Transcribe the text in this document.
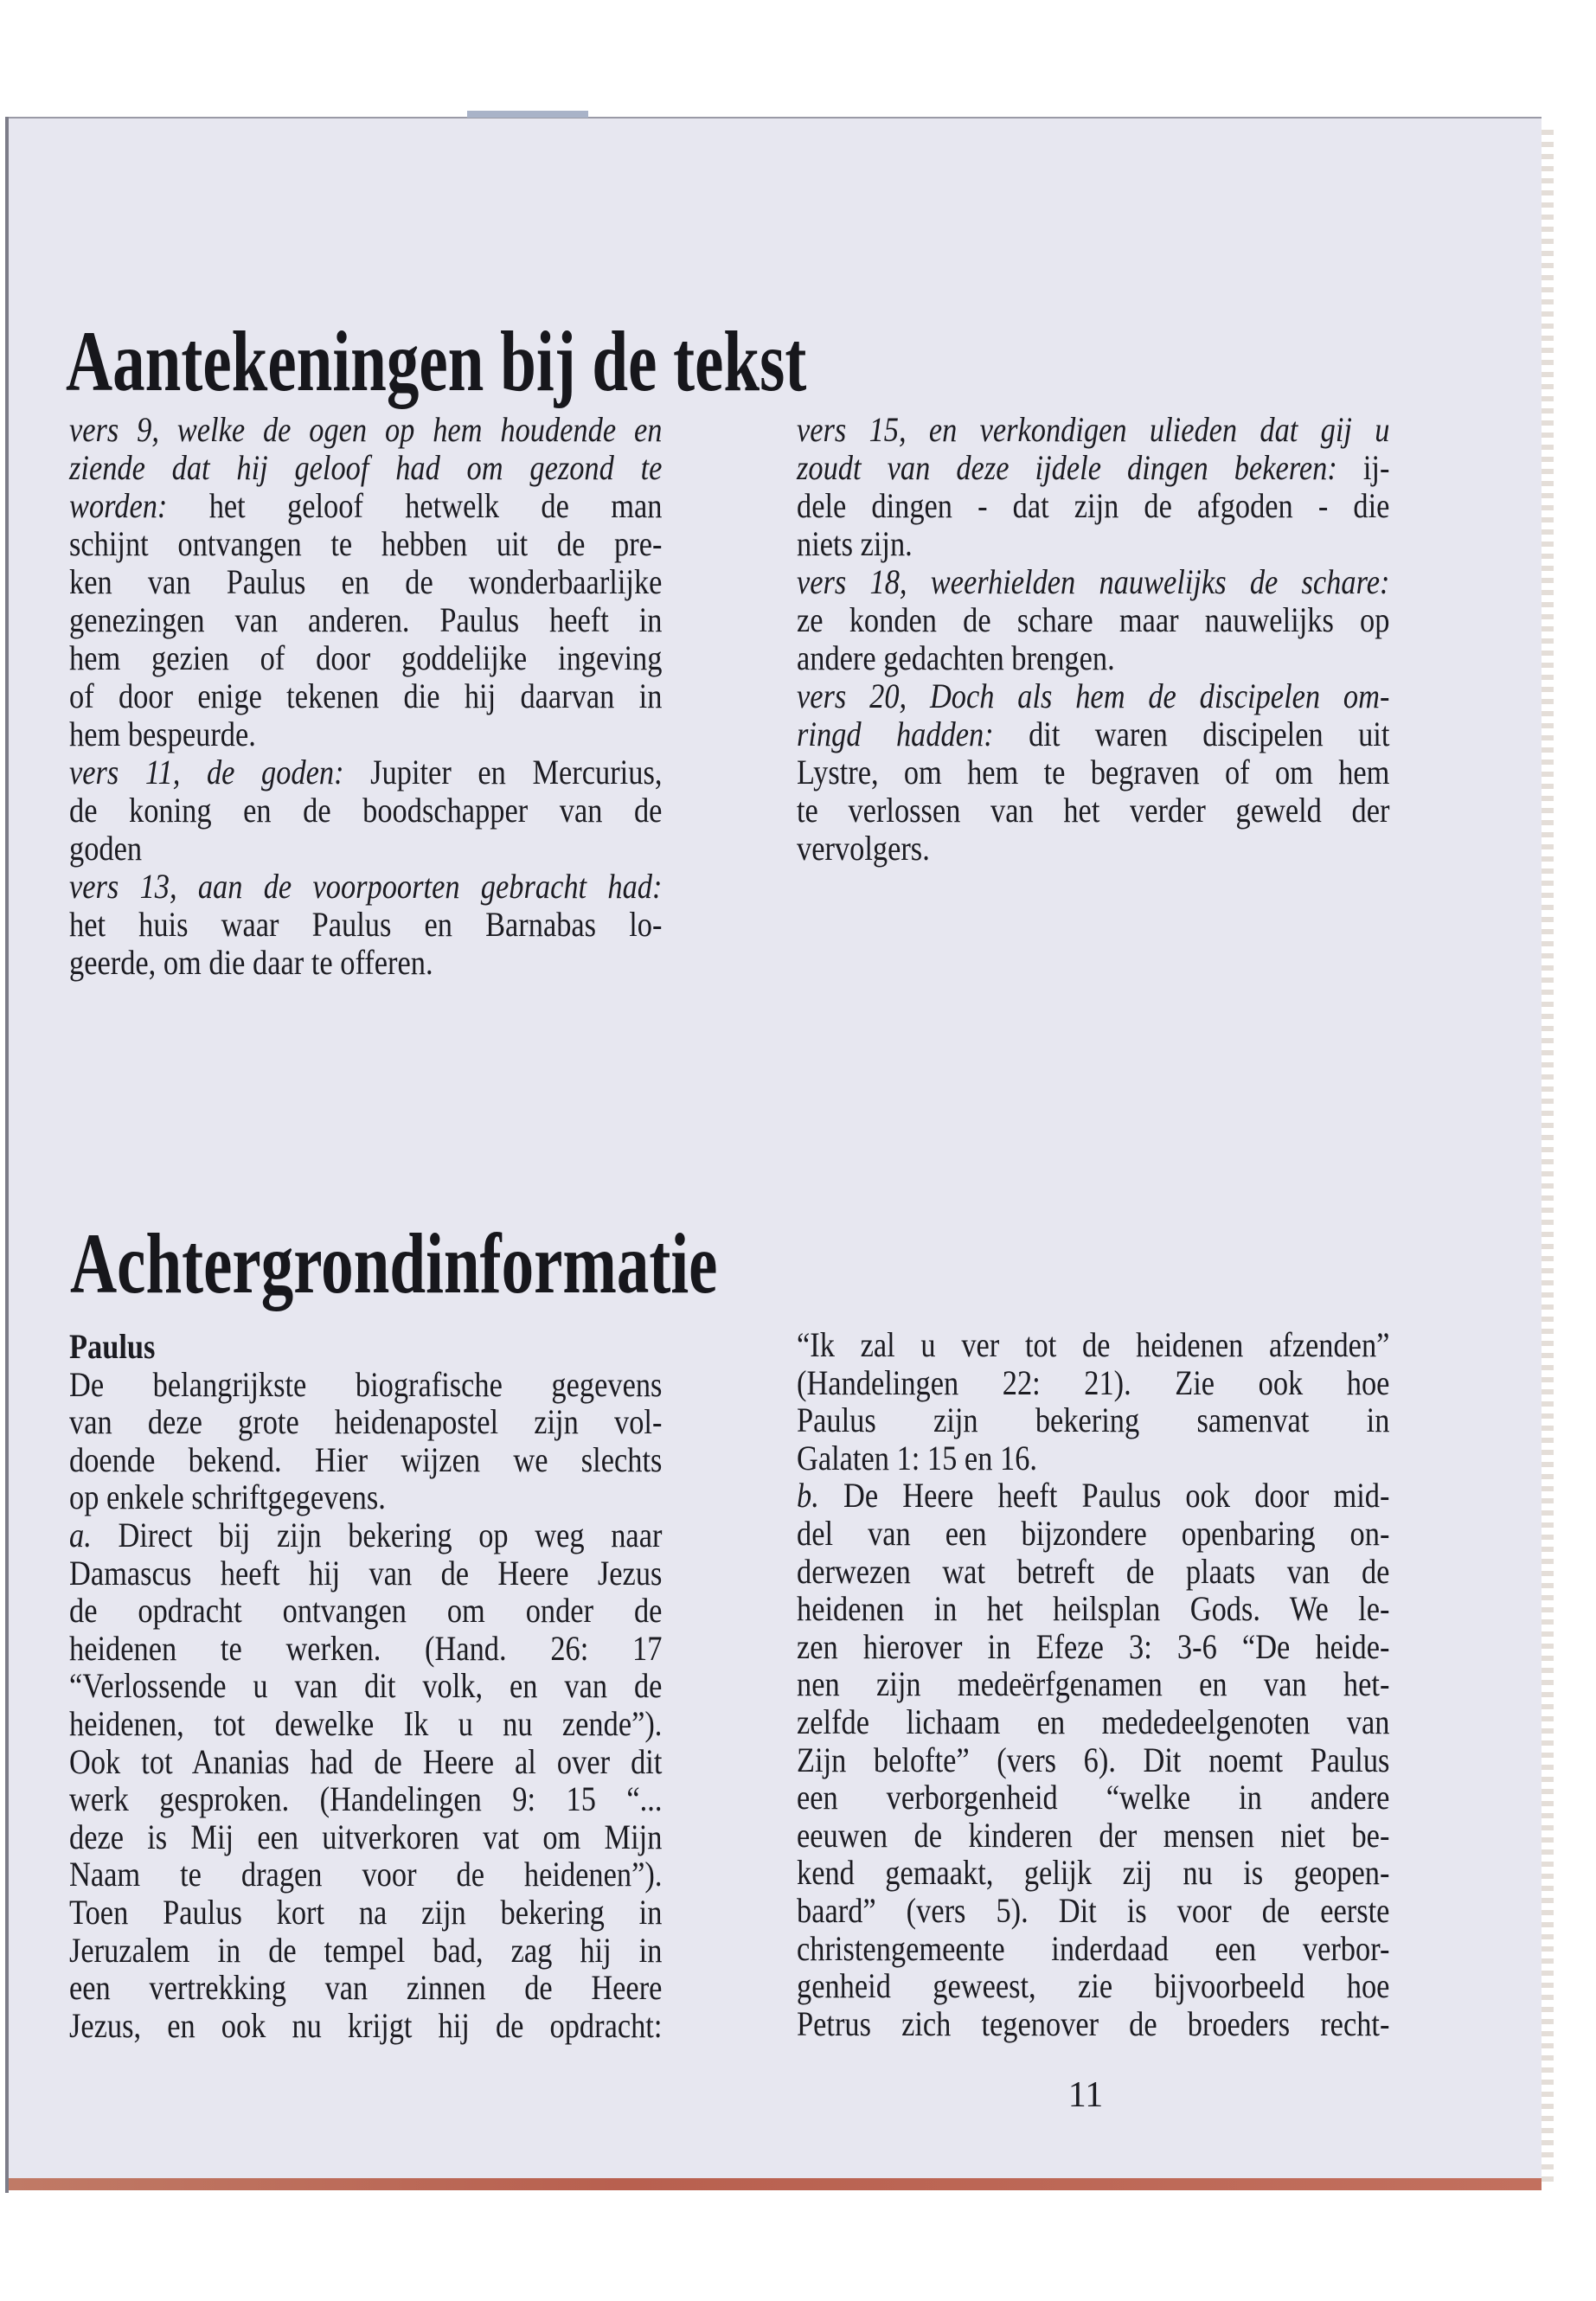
Aantekeningen bij de tekst
vers 9, welke de ogen op hem houdende en
ziende dat hij geloof had om gezond te
worden: het geloof hetwelk de man
schijnt ontvangen te hebben uit de pre-
ken van Paulus en de wonderbaarlijke
genezingen van anderen. Paulus heeft in
hem gezien of door goddelijke ingeving
of door enige tekenen die hij daarvan in
hem bespeurde.
vers 11, de goden: Jupiter en Mercurius,
de koning en de boodschapper van de
goden
vers 13, aan de voorpoorten gebracht had:
het huis waar Paulus en Barnabas lo-
geerde, om die daar te offeren.
vers 15, en verkondigen ulieden dat gij u
zoudt van deze ijdele dingen bekeren: ij-
dele dingen - dat zijn de afgoden - die
niets zijn.
vers 18, weerhielden nauwelijks de schare:
ze konden de schare maar nauwelijks op
andere gedachten brengen.
vers 20, Doch als hem de discipelen om-
ringd hadden: dit waren discipelen uit
Lystre, om hem te begraven of om hem
te verlossen van het verder geweld der
vervolgers.
Achtergrondinformatie
Paulus
De belangrijkste biografische gegevens
van deze grote heidenapostel zijn vol-
doende bekend. Hier wijzen we slechts
op enkele schriftgegevens.
a. Direct bij zijn bekering op weg naar
Damascus heeft hij van de Heere Jezus
de opdracht ontvangen om onder de
heidenen te werken. (Hand. 26: 17
“Verlossende u van dit volk, en van de
heidenen, tot dewelke Ik u nu zende”).
Ook tot Ananias had de Heere al over dit
werk gesproken. (Handelingen 9: 15 “...
deze is Mij een uitverkoren vat om Mijn
Naam te dragen voor de heidenen”).
Toen Paulus kort na zijn bekering in
Jeruzalem in de tempel bad, zag hij in
een vertrekking van zinnen de Heere
Jezus, en ook nu krijgt hij de opdracht:
“Ik zal u ver tot de heidenen afzenden”
(Handelingen 22: 21). Zie ook hoe
Paulus zijn bekering samenvat in
Galaten 1: 15 en 16.
b. De Heere heeft Paulus ook door mid-
del van een bijzondere openbaring on-
derwezen wat betreft de plaats van de
heidenen in het heilsplan Gods. We le-
zen hierover in Efeze 3: 3-6 “De heide-
nen zijn medeërfgenamen en van het-
zelfde lichaam en mededeelgenoten van
Zijn belofte” (vers 6). Dit noemt Paulus
een verborgenheid “welke in andere
eeuwen de kinderen der mensen niet be-
kend gemaakt, gelijk zij nu is geopen-
baard” (vers 5). Dit is voor de eerste
christengemeente inderdaad een verbor-
genheid geweest, zie bijvoorbeeld hoe
Petrus zich tegenover de broeders recht-
11
